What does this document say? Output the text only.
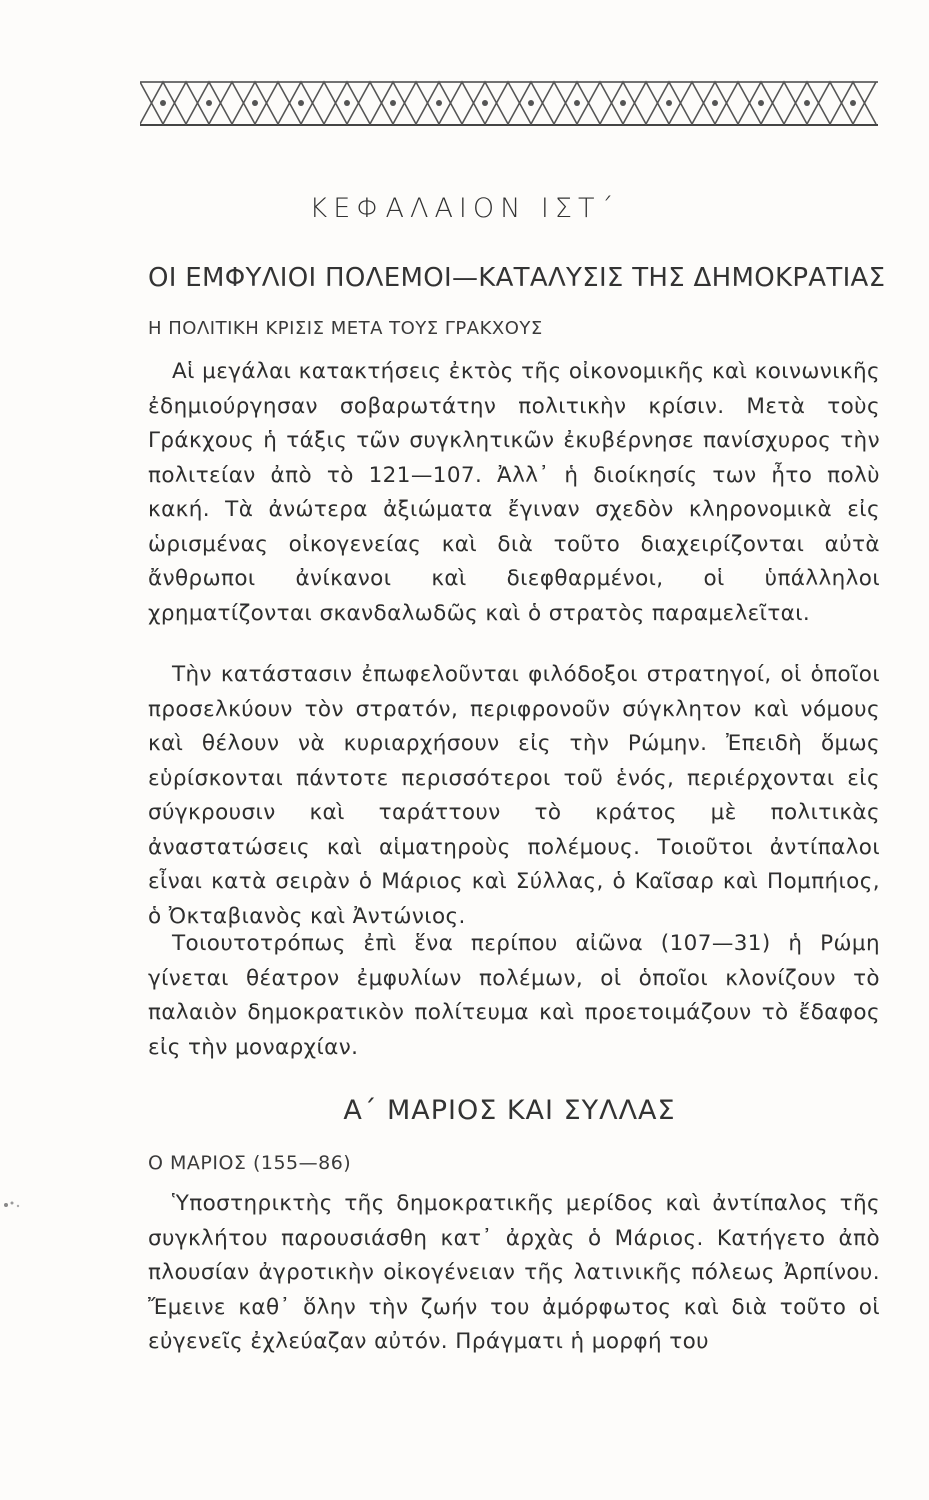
ΚΕΦΑΛΑΙΟΝ ΙΣΤ΄
ΟΙ ΕΜΦΥΛΙΟΙ ΠΟΛΕΜΟΙ—ΚΑΤΑΛΥΣΙΣ ΤΗΣ ΔΗΜΟΚΡΑΤΙΑΣ
Η ΠΟΛΙΤΙΚΗ ΚΡΙΣΙΣ ΜΕΤΑ ΤΟΥΣ ΓΡΑΚΧΟΥΣ

Αἱ μεγάλαι κατακτήσεις ἐκτὸς τῆς οἰκονομικῆς καὶ κοινωνικῆς ἐδημιούργησαν σοβαρωτάτην πολιτικὴν κρίσιν. Μετὰ τοὺς Γράκχους ἡ τάξις τῶν συγκλητικῶν ἐκυβέρνησε πανίσχυρος τὴν πολιτείαν ἀπὸ τὸ 121—107. Ἀλλ᾽ ἡ διοίκησίς των ἦτο πολὺ κακή. Τὰ ἀνώτερα ἀξιώματα ἔγιναν σχεδὸν κληρονομικὰ εἰς ὡρισμένας οἰκογενείας καὶ διὰ τοῦτο διαχειρίζονται αὐτὰ ἄνθρωποι ἀνίκανοι καὶ διεφθαρμένοι, οἱ ὑπάλληλοι χρηματίζονται σκανδαλωδῶς καὶ ὁ στρατὸς παραμελεῖται.

Τὴν κατάστασιν ἐπωφελοῦνται φιλόδοξοι στρατηγοί, οἱ ὁποῖοι προσελκύουν τὸν στρατόν, περιφρονοῦν σύγκλητον καὶ νόμους καὶ θέλουν νὰ κυριαρχήσουν εἰς τὴν Ρώμην. Ἐπειδὴ ὅμως εὑρίσκονται πάντοτε περισσότεροι τοῦ ἑνός, περιέρχονται εἰς σύγκρουσιν καὶ ταράττουν τὸ κράτος μὲ πολιτικὰς ἀναστατώσεις καὶ αἱματηροὺς πολέμους. Τοιοῦτοι ἀντίπαλοι εἶναι κατὰ σειρὰν ὁ Μάριος καὶ Σύλλας, ὁ Καῖσαρ καὶ Πομπήιος, ὁ Ὀκταβιανὸς καὶ Ἀντώνιος.

Τοιουτοτρόπως ἐπὶ ἕνα περίπου αἰῶνα (107—31) ἡ Ρώμη γίνεται θέατρον ἐμφυλίων πολέμων, οἱ ὁποῖοι κλονίζουν τὸ παλαιὸν δημοκρατικὸν πολίτευμα καὶ προετοιμάζουν τὸ ἔδαφος εἰς τὴν μοναρχίαν.

Α΄ ΜΑΡΙΟΣ ΚΑΙ ΣΥΛΛΑΣ
Ο ΜΑΡΙΟΣ (155—86)

Ὑποστηρικτὴς τῆς δημοκρατικῆς μερίδος καὶ ἀντίπαλος τῆς συγκλήτου παρουσιάσθη κατ᾽ ἀρχὰς ὁ Μάριος. Κατήγετο ἀπὸ πλουσίαν ἀγροτικὴν οἰκογένειαν τῆς λατινικῆς πόλεως Ἀρπίνου. Ἔμεινε καθ᾽ ὅλην τὴν ζωήν του ἀμόρφωτος καὶ διὰ τοῦτο οἱ εὐγενεῖς ἐχλεύαζαν αὐτόν. Πράγματι ἡ μορφή του
